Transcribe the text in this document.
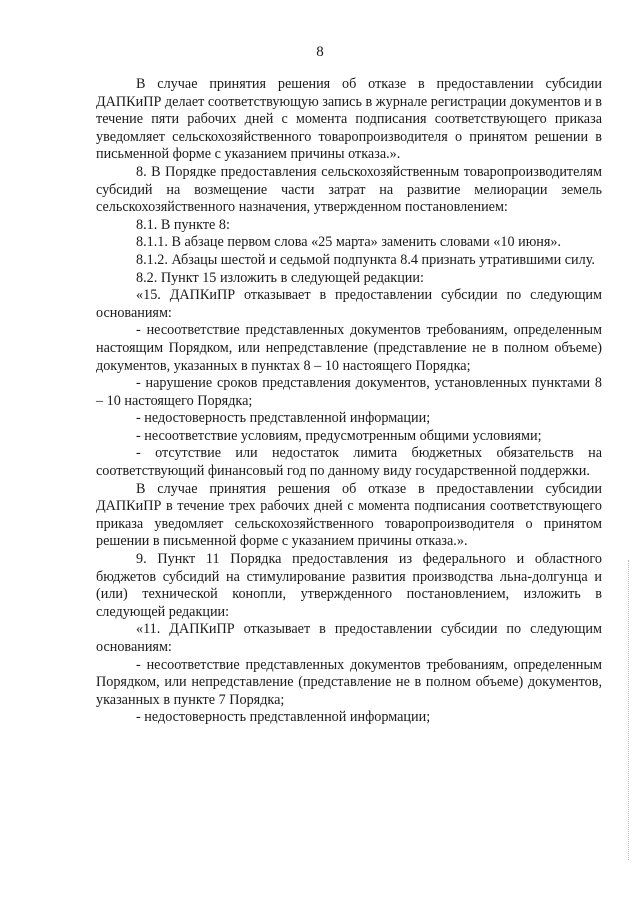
8

В случае принятия решения об отказе в предоставлении субсидии ДАПКиПР делает соответствующую запись в журнале регистрации документов и в течение пяти рабочих дней с момента подписания соответствующего приказа уведомляет сельскохозяйственного товаропроизводителя о принятом решении в письменной форме с указанием причины отказа.».

8. В Порядке предоставления сельскохозяйственным товаропроизводителям субсидий на возмещение части затрат на развитие мелиорации земель сельскохозяйственного назначения, утвержденном постановлением:

8.1. В пункте 8:

8.1.1. В абзаце первом слова «25 марта» заменить словами «10 июня».

8.1.2. Абзацы шестой и седьмой подпункта 8.4 признать утратившими силу.

8.2. Пункт 15 изложить в следующей редакции:

«15. ДАПКиПР отказывает в предоставлении субсидии по следующим основаниям:

- несоответствие представленных документов требованиям, определенным настоящим Порядком, или непредставление (представление не в полном объеме) документов, указанных в пунктах 8 – 10 настоящего Порядка;

- нарушение сроков представления документов, установленных пунктами 8 – 10 настоящего Порядка;

- недостоверность представленной информации;

- несоответствие условиям, предусмотренным общими условиями;

- отсутствие или недостаток лимита бюджетных обязательств на соответствующий финансовый год по данному виду государственной поддержки.

В случае принятия решения об отказе в предоставлении субсидии ДАПКиПР в течение трех рабочих дней с момента подписания соответствующего приказа уведомляет сельскохозяйственного товаропроизводителя о принятом решении в письменной форме с указанием причины отказа.».

9. Пункт 11 Порядка предоставления из федерального и областного бюджетов субсидий на стимулирование развития производства льна-долгунца и (или) технической конопли, утвержденного постановлением, изложить в следующей редакции:

«11. ДАПКиПР отказывает в предоставлении субсидии по следующим основаниям:

- несоответствие представленных документов требованиям, определенным Порядком, или непредставление (представление не в полном объеме) документов, указанных в пункте 7 Порядка;

- недостоверность представленной информации;
